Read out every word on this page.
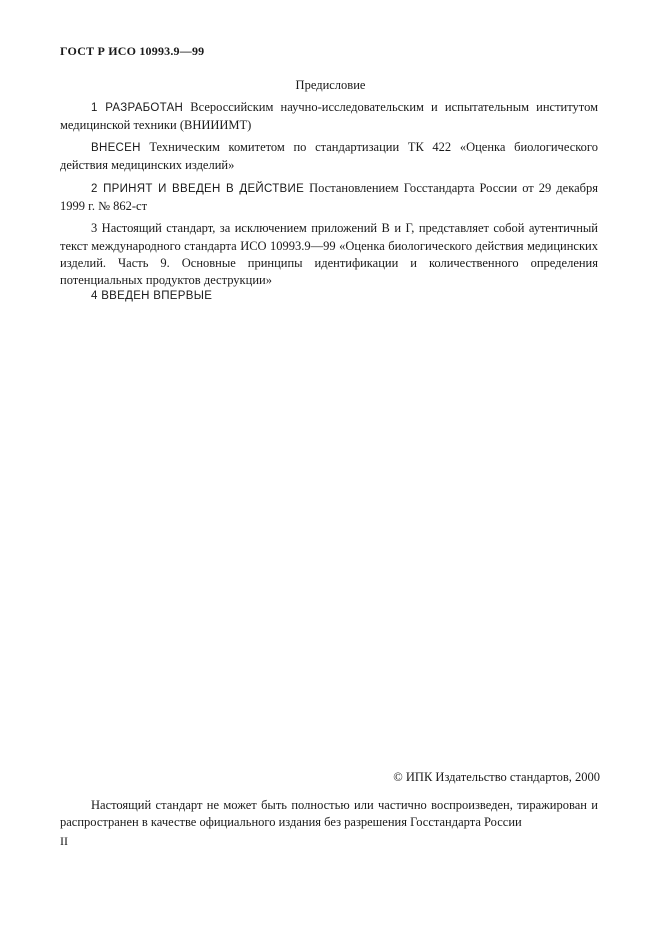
ГОСТ Р ИСО 10993.9—99
Предисловие

1 РАЗРАБОТАН Всероссийским научно-исследовательским и испытательным институтом медицинской техники (ВНИИИМТ)

ВНЕСЕН Техническим комитетом по стандартизации ТК 422 «Оценка биологического действия медицинских изделий»

2 ПРИНЯТ И ВВЕДЕН В ДЕЙСТВИЕ Постановлением Госстандарта России от 29 декабря 1999 г. № 862-ст

3 Настоящий стандарт, за исключением приложений В и Г, представляет собой аутентичный текст международного стандарта ИСО 10993.9—99 «Оценка биологического действия медицинских изделий. Часть 9. Основные принципы идентификации и количественного определения потенциальных продуктов деструкции»

4 ВВЕДЕН ВПЕРВЫЕ

© ИПК Издательство стандартов, 2000

Настоящий стандарт не может быть полностью или частично воспроизведен, тиражирован и распространен в качестве официального издания без разрешения Госстандарта России

II
